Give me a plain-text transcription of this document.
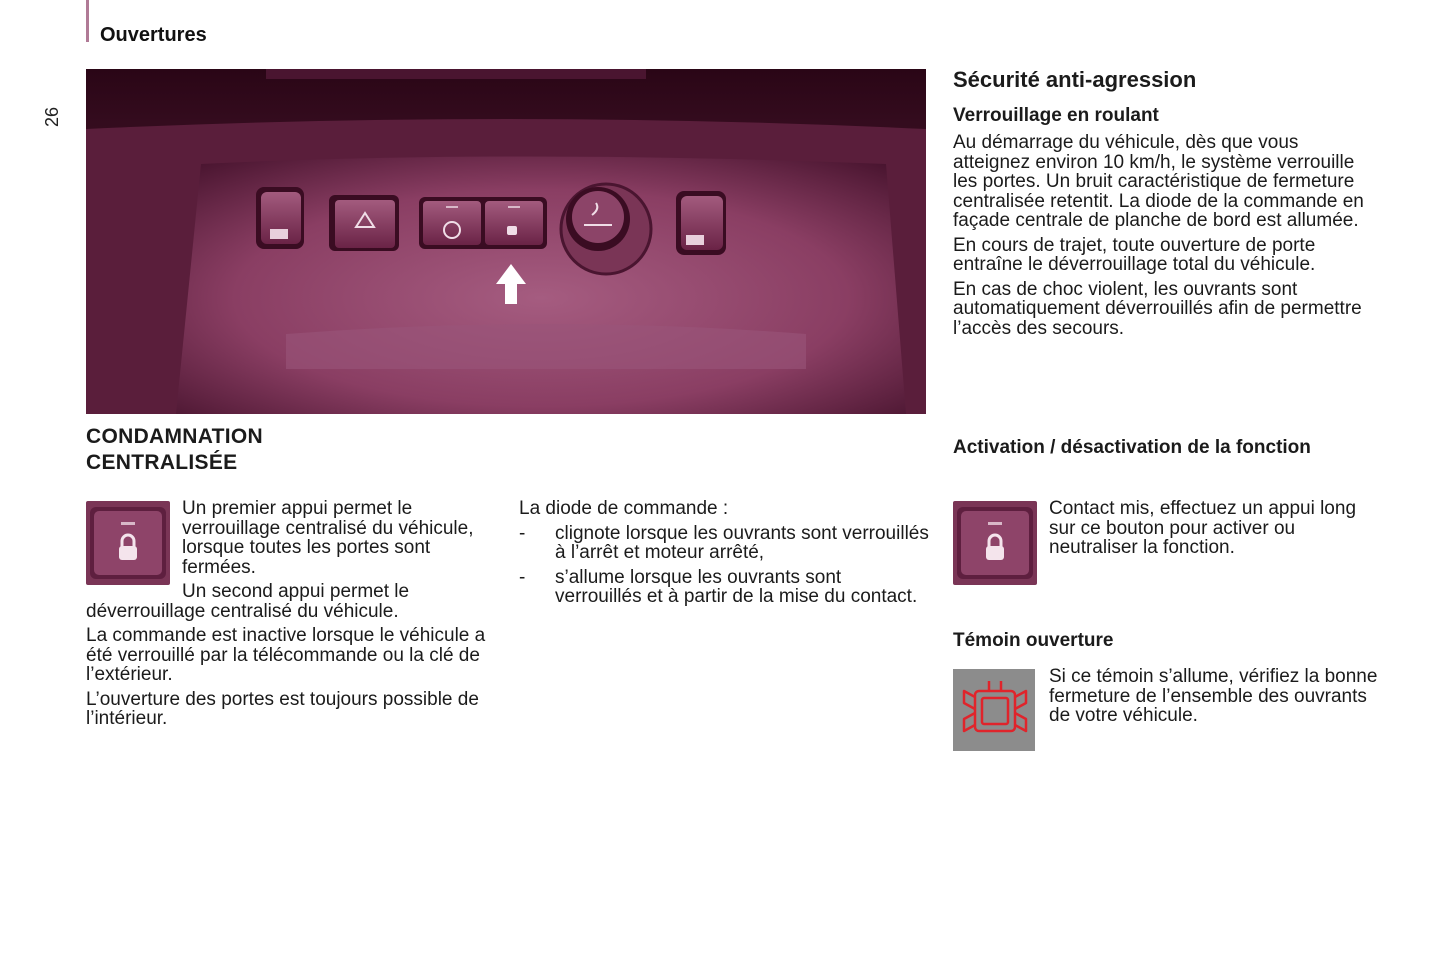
Ouvertures
26
CONDAMNATION
CENTRALISÉE
Un premier appui permet le verrouillage centralisé du véhicule, lorsque toutes les portes sont fermées.

Un second appui permet le
déverrouillage centralisé du véhicule.

La commande est inactive lorsque le véhicule a été verrouillé par la télécommande ou la clé de l’extérieur.

L’ouverture des portes est toujours possible de l’intérieur.

La diode de commande :

-	clignote lorsque les ouvrants sont verrouillés à l’arrêt et moteur arrêté,
-	s’allume lorsque les ouvrants sont verrouillés et à partir de la mise du contact.
Sécurité anti-agression
Verrouillage en roulant

Au démarrage du véhicule, dès que vous atteignez environ 10 km/h, le système verrouille les portes. Un bruit caractéristique de fermeture centralisée retentit. La diode de la commande en façade centrale de planche de bord est allumée.

En cours de trajet, toute ouverture de porte entraîne le déverrouillage total du véhicule.

En cas de choc violent, les ouvrants sont automatiquement déverrouillés afin de permettre l’accès des secours.

Activation / désactivation de la fonction
Contact mis, effectuez un appui long sur ce bouton pour activer ou neutraliser la fonction.
Témoin ouverture
Si ce témoin s’allume, vérifiez la bonne fermeture de l’ensemble des ouvrants de votre véhicule.
